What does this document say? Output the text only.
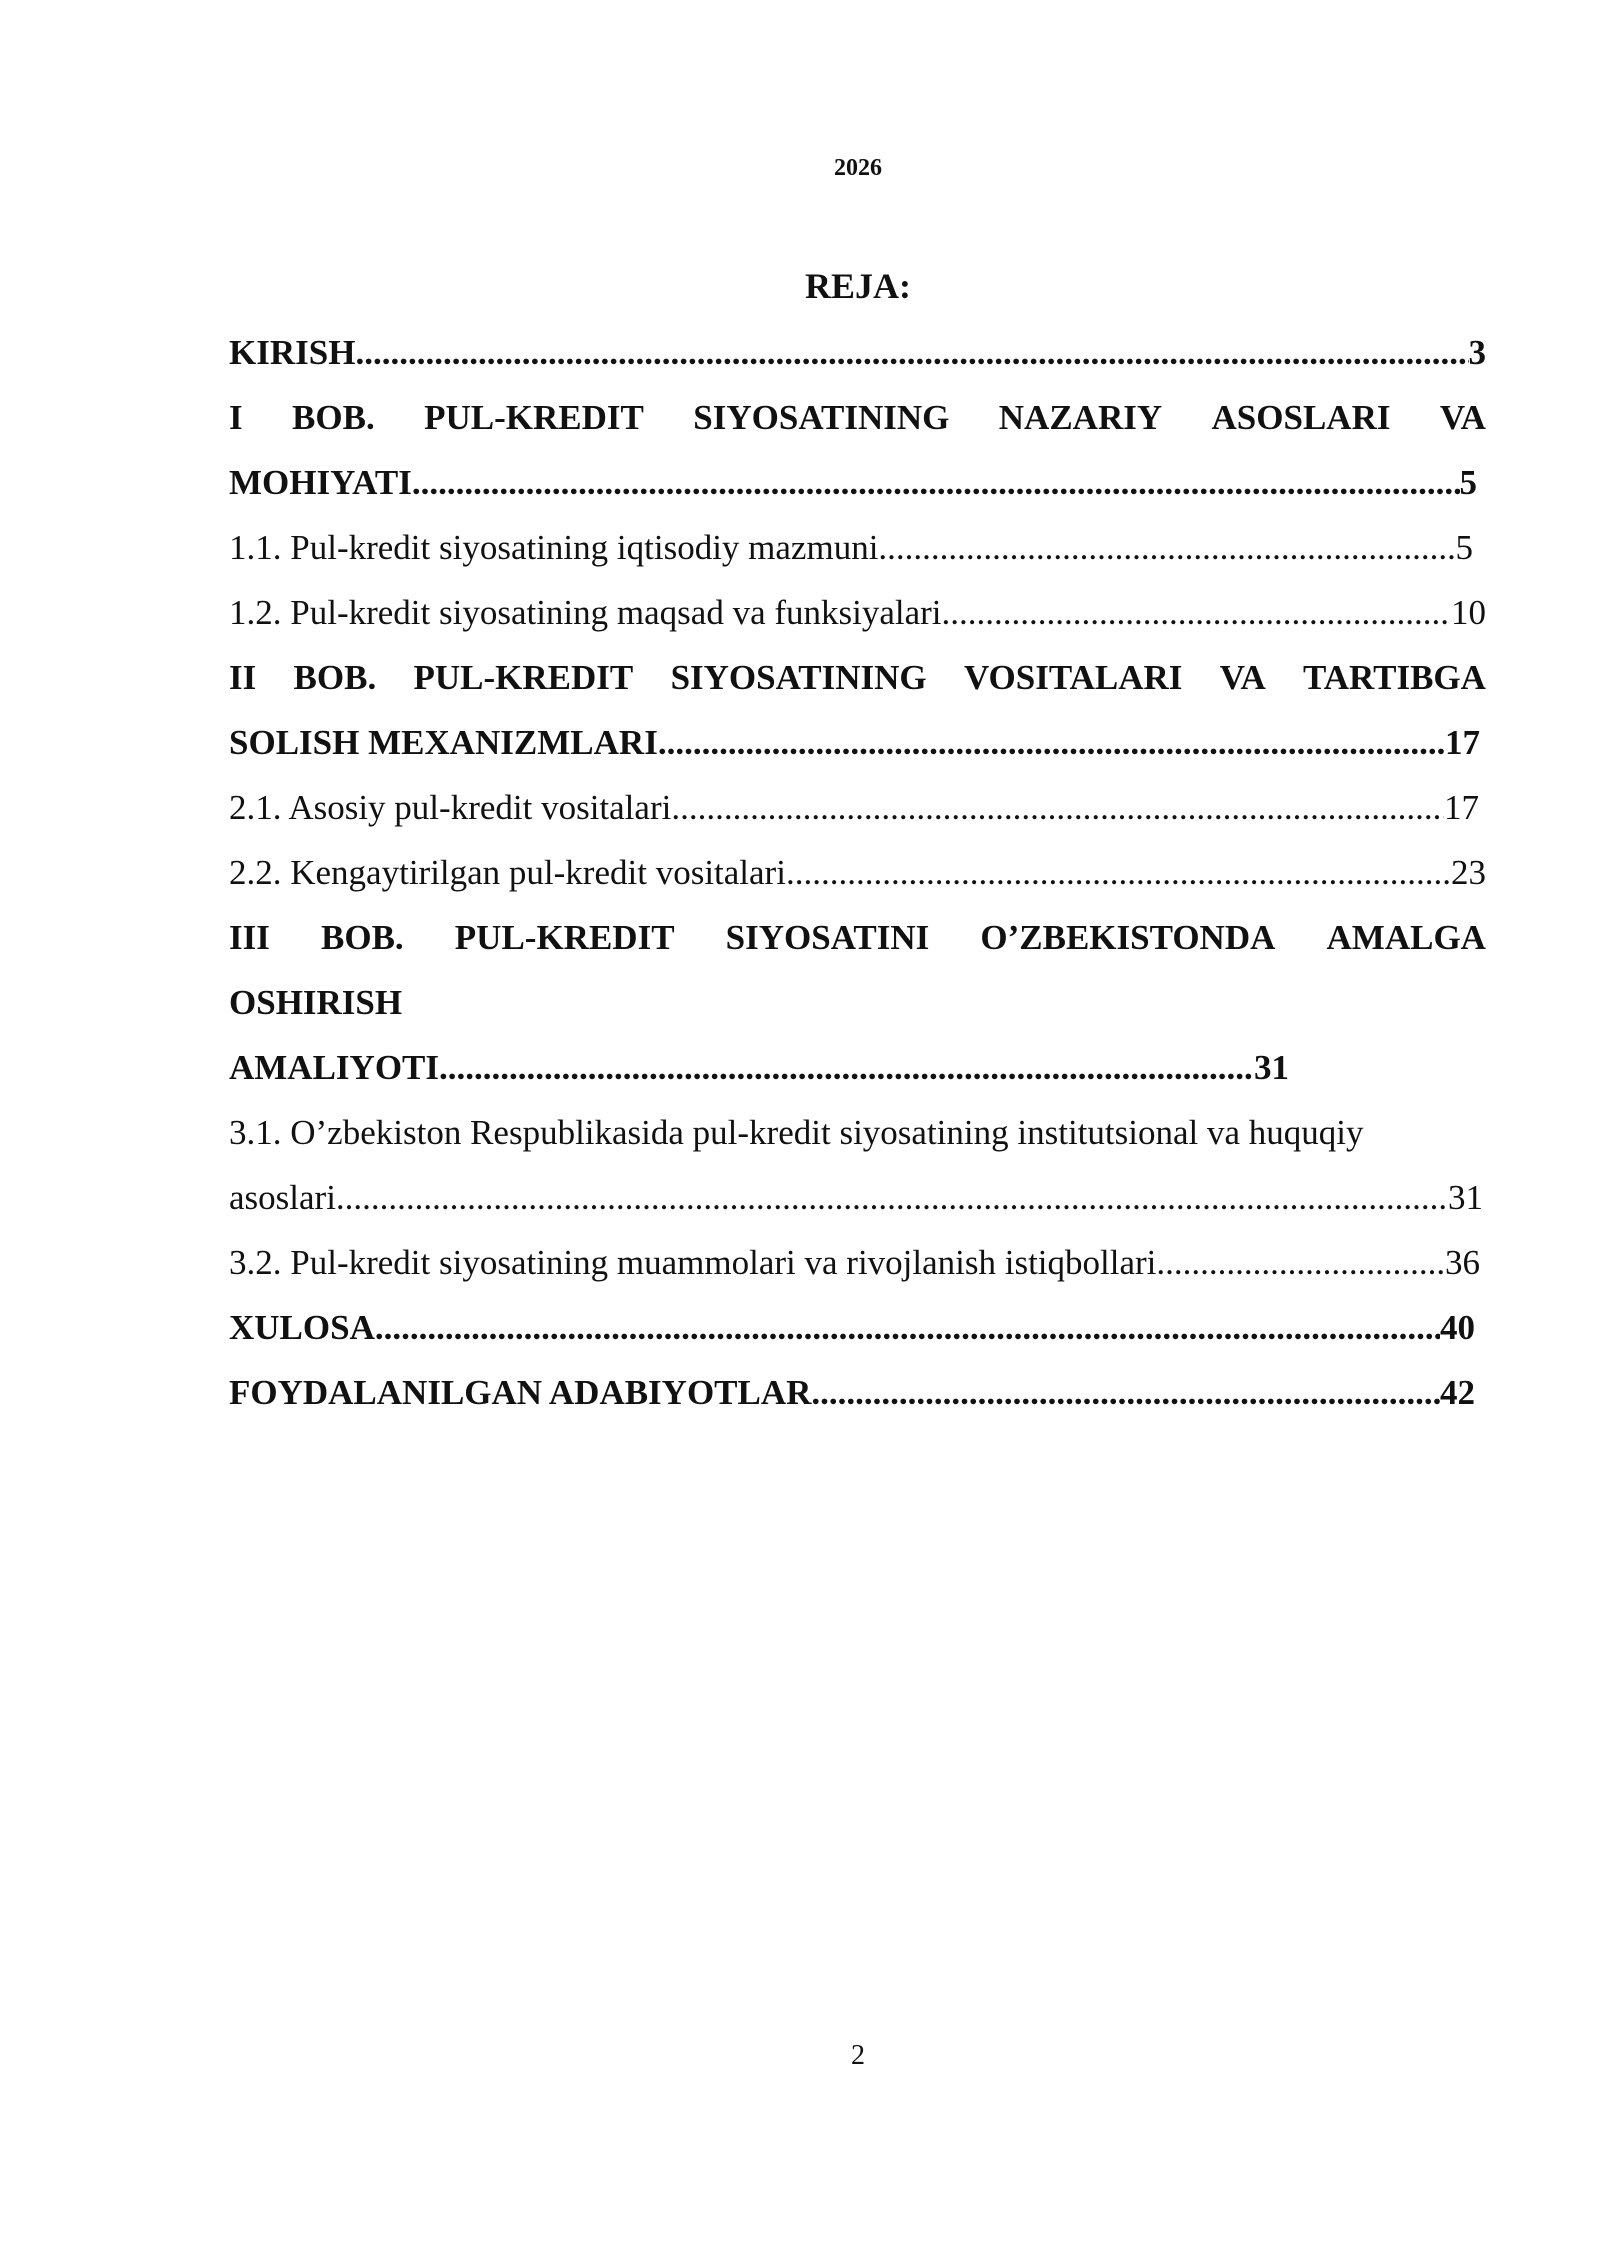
2026
REJA:
KIRISH .....	3
I BOB. PUL-KREDIT SIYOSATINING NAZARIY ASOSLARI VA
MOHIYATI .....	5
1.1. Pul-kredit siyosatining iqtisodiy mazmuni .....	5
1.2. Pul-kredit siyosatining maqsad va funksiyalari .....	10
II BOB. PUL-KREDIT SIYOSATINING VOSITALARI VA TARTIBGA
SOLISH MEXANIZMLARI .....	17
2.1. Asosiy pul-kredit vositalari .....	17
2.2. Kengaytirilgan pul-kredit vositalari .....	23
III BOB. PUL-KREDIT SIYOSATINI O’ZBEKISTONDA AMALGA
OSHIRISH
AMALIYOTI .....	31
3.1. O’zbekiston Respublikasida pul-kredit siyosatining institutsional va huquqiy
asoslari .....	31
3.2. Pul-kredit siyosatining muammolari va rivojlanish istiqbollari .....	36
XULOSA .....	40
FOYDALANILGAN ADABIYOTLAR .....	42
2
